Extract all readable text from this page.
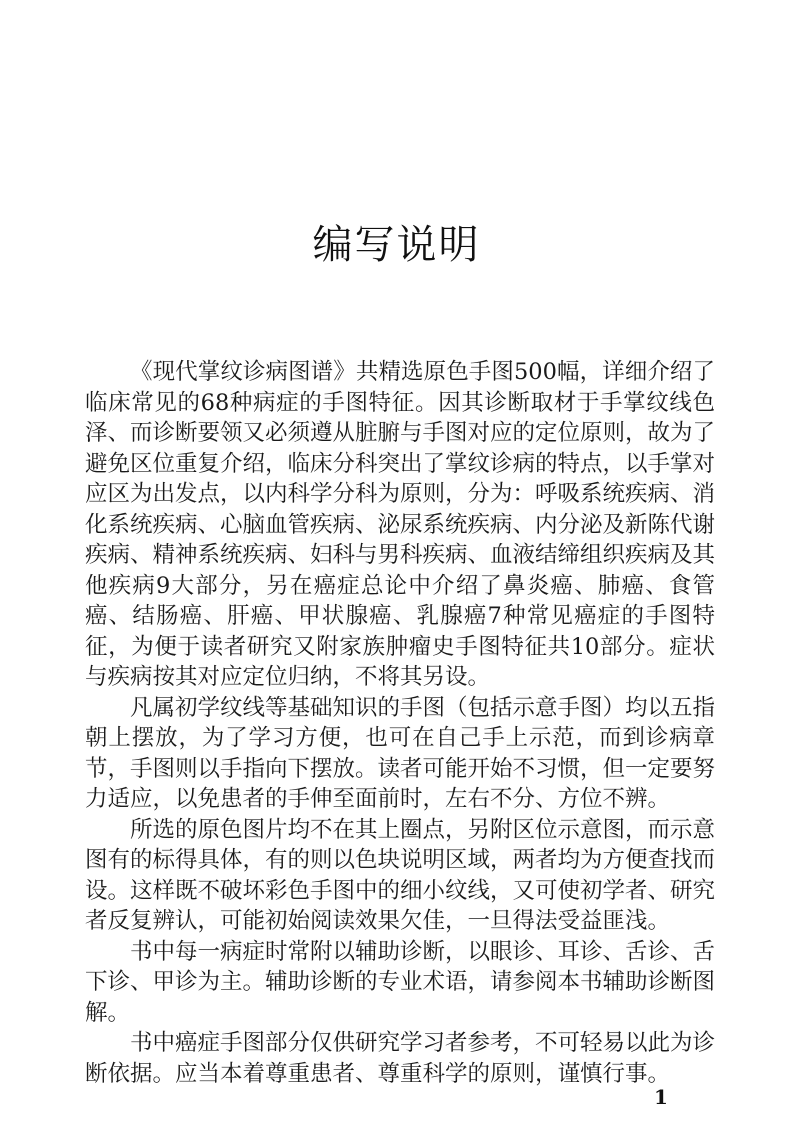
编写说明

《现代掌纹诊病图谱》共精选原色手图500幅，详细介绍了临床常见的68种病症的手图特征。因其诊断取材于手掌纹线色泽、而诊断要领又必须遵从脏腑与手图对应的定位原则，故为了避免区位重复介绍，临床分科突出了掌纹诊病的特点，以手掌对应区为出发点，以内科学分科为原则，分为：呼吸系统疾病、消化系统疾病、心脑血管疾病、泌尿系统疾病、内分泌及新陈代谢疾病、精神系统疾病、妇科与男科疾病、血液结缔组织疾病及其他疾病9大部分，另在癌症总论中介绍了鼻炎癌、肺癌、食管癌、结肠癌、肝癌、甲状腺癌、乳腺癌7种常见癌症的手图特征，为便于读者研究又附家族肿瘤史手图特征共10部分。症状与疾病按其对应定位归纳，不将其另设。

凡属初学纹线等基础知识的手图（包括示意手图）均以五指朝上摆放，为了学习方便，也可在自己手上示范，而到诊病章节，手图则以手指向下摆放。读者可能开始不习惯，但一定要努力适应，以免患者的手伸至面前时，左右不分、方位不辨。

所选的原色图片均不在其上圈点，另附区位示意图，而示意图有的标得具体，有的则以色块说明区域，两者均为方便查找而设。这样既不破坏彩色手图中的细小纹线，又可使初学者、研究者反复辨认，可能初始阅读效果欠佳，一旦得法受益匪浅。

书中每一病症时常附以辅助诊断，以眼诊、耳诊、舌诊、舌下诊、甲诊为主。辅助诊断的专业术语，请参阅本书辅助诊断图解。

书中癌症手图部分仅供研究学习者参考，不可轻易以此为诊断依据。应当本着尊重患者、尊重科学的原则，谨慎行事。

1
